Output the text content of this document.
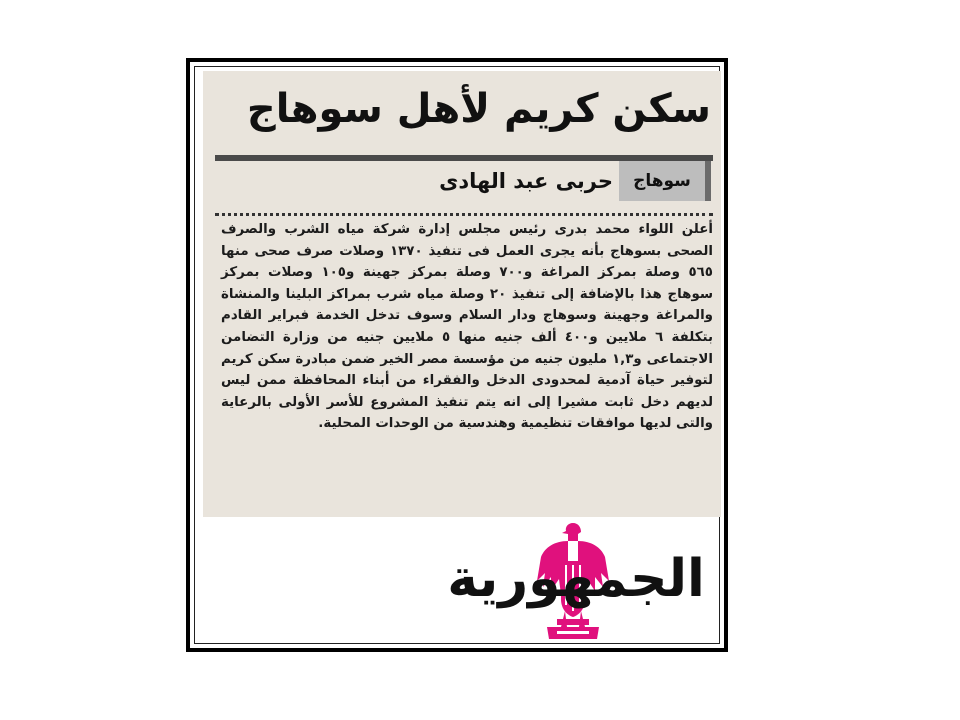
سكن كريم لأهل سوهاج
سوهاج
حربى عبد الهادى
أعلن اللواء محمد بدرى رئيس مجلس إدارة شركة مياه الشرب والصرف الصحى بسوهاج بأنه يجرى العمل فى تنفيذ ١٣٧٠ وصلات صرف صحى منها ٥٦٥ وصلة بمركز المراغة و٧٠٠ وصلة بمركز جهينة و١٠٥ وصلات بمركز سوهاج هذا بالإضافة إلى تنفيذ ٢٠ وصلة مياه شرب بمراكز البلينا والمنشاة والمراغة وجهينة وسوهاج ودار السلام وسوف تدخل الخدمة فبراير القادم بتكلفة ٦ ملايين و٤٠٠ ألف جنيه منها ٥ ملايين جنيه من وزارة التضامن الاجتماعى و١,٣ مليون جنيه من مؤسسة مصر الخير ضمن مبادرة سكن كريم لتوفير حياة آدمية لمحدودى الدخل والفقراء من أبناء المحافظة ممن ليس لديهم دخل ثابت مشيرا إلى انه يتم تنفيذ المشروع للأسر الأولى بالرعاية والتى لديها موافقات تنظيمية وهندسية من الوحدات المحلية.
الجمهورية
